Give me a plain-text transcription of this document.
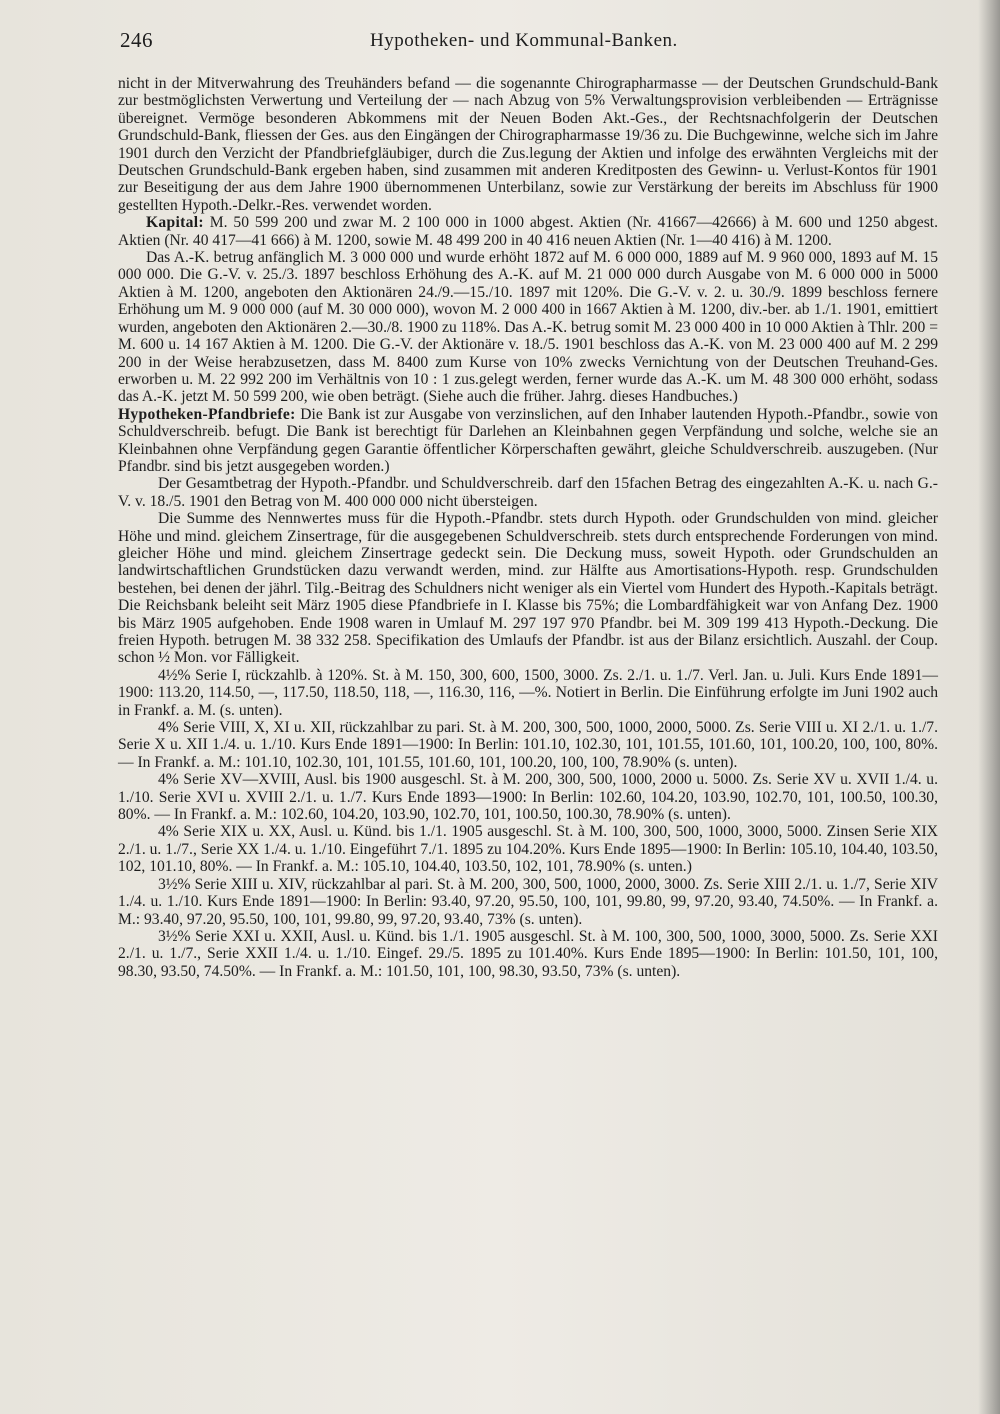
246	Hypotheken- und Kommunal-Banken.

nicht in der Mitverwahrung des Treuhänders befand — die sogenannte Chirographarmasse — der Deutschen Grundschuld-Bank zur bestmöglichsten Verwertung und Verteilung der — nach Abzug von 5% Verwaltungsprovision verbleibenden — Erträgnisse übereignet. Vermöge besonderen Abkommens mit der Neuen Boden Akt.-Ges., der Rechtsnachfolgerin der Deutschen Grundschuld-Bank, fliessen der Ges. aus den Eingängen der Chirographarmasse 19/36 zu. Die Buchgewinne, welche sich im Jahre 1901 durch den Verzicht der Pfandbriefgläubiger, durch die Zus.legung der Aktien und infolge des erwähnten Vergleichs mit der Deutschen Grundschuld-Bank ergeben haben, sind zusammen mit anderen Kreditposten des Gewinn- u. Verlust-Kontos für 1901 zur Beseitigung der aus dem Jahre 1900 übernommenen Unterbilanz, sowie zur Verstärkung der bereits im Abschluss für 1900 gestellten Hypoth.-Delkr.-Res. verwendet worden.

Kapital: M. 50 599 200 und zwar M. 2 100 000 in 1000 abgest. Aktien (Nr. 41667—42666) à M. 600 und 1250 abgest. Aktien (Nr. 40 417—41 666) à M. 1200, sowie M. 48 499 200 in 40 416 neuen Aktien (Nr. 1—40 416) à M. 1200.

Das A.-K. betrug anfänglich M. 3 000 000 und wurde erhöht 1872 auf M. 6 000 000, 1889 auf M. 9 960 000, 1893 auf M. 15 000 000. Die G.-V. v. 25./3. 1897 beschloss Erhöhung des A.-K. auf M. 21 000 000 durch Ausgabe von M. 6 000 000 in 5000 Aktien à M. 1200, angeboten den Aktionären 24./9.—15./10. 1897 mit 120%. Die G.-V. v. 2. u. 30./9. 1899 beschloss fernere Erhöhung um M. 9 000 000 (auf M. 30 000 000), wovon M. 2 000 400 in 1667 Aktien à M. 1200, div.-ber. ab 1./1. 1901, emittiert wurden, angeboten den Aktionären 2.—30./8. 1900 zu 118%. Das A.-K. betrug somit M. 23 000 400 in 10 000 Aktien à Thlr. 200 = M. 600 u. 14 167 Aktien à M. 1200. Die G.-V. der Aktionäre v. 18./5. 1901 beschloss das A.-K. von M. 23 000 400 auf M. 2 299 200 in der Weise herabzusetzen, dass M. 8400 zum Kurse von 10% zwecks Vernichtung von der Deutschen Treuhand-Ges. erworben u. M. 22 992 200 im Verhältnis von 10 : 1 zus.gelegt werden, ferner wurde das A.-K. um M. 48 300 000 erhöht, sodass das A.-K. jetzt M. 50 599 200, wie oben beträgt. (Siehe auch die früher. Jahrg. dieses Handbuches.)

Hypotheken-Pfandbriefe: Die Bank ist zur Ausgabe von verzinslichen, auf den Inhaber lautenden Hypoth.-Pfandbr., sowie von Schuldverschreib. befugt. Die Bank ist berechtigt für Darlehen an Kleinbahnen gegen Verpfändung und solche, welche sie an Kleinbahnen ohne Verpfändung gegen Garantie öffentlicher Körperschaften gewährt, gleiche Schuldverschreib. auszugeben. (Nur Pfandbr. sind bis jetzt ausgegeben worden.)

Der Gesamtbetrag der Hypoth.-Pfandbr. und Schuldverschreib. darf den 15fachen Betrag des eingezahlten A.-K. u. nach G.-V. v. 18./5. 1901 den Betrag von M. 400 000 000 nicht übersteigen.

Die Summe des Nennwertes muss für die Hypoth.-Pfandbr. stets durch Hypoth. oder Grundschulden von mind. gleicher Höhe und mind. gleichem Zinsertrage, für die ausgegebenen Schuldverschreib. stets durch entsprechende Forderungen von mind. gleicher Höhe und mind. gleichem Zinsertrage gedeckt sein. Die Deckung muss, soweit Hypoth. oder Grundschulden an landwirtschaftlichen Grundstücken dazu verwandt werden, mind. zur Hälfte aus Amortisations-Hypoth. resp. Grundschulden bestehen, bei denen der jährl. Tilg.-Beitrag des Schuldners nicht weniger als ein Viertel vom Hundert des Hypoth.-Kapitals beträgt. Die Reichsbank beleiht seit März 1905 diese Pfandbriefe in I. Klasse bis 75%; die Lombardfähigkeit war von Anfang Dez. 1900 bis März 1905 aufgehoben. Ende 1908 waren in Umlauf M. 297 197 970 Pfandbr. bei M. 309 199 413 Hypoth.-Deckung. Die freien Hypoth. betrugen M. 38 332 258. Specifikation des Umlaufs der Pfandbr. ist aus der Bilanz ersichtlich. Auszahl. der Coup. schon ½ Mon. vor Fälligkeit.

4½% Serie I, rückzahlb. à 120%. St. à M. 150, 300, 600, 1500, 3000. Zs. 2./1. u. 1./7. Verl. Jan. u. Juli. Kurs Ende 1891—1900: 113.20, 114.50, —, 117.50, 118.50, 118, —, 116.30, 116, —%. Notiert in Berlin. Die Einführung erfolgte im Juni 1902 auch in Frankf. a. M. (s. unten).

4% Serie VIII, X, XI u. XII, rückzahlbar zu pari. St. à M. 200, 300, 500, 1000, 2000, 5000. Zs. Serie VIII u. XI 2./1. u. 1./7. Serie X u. XII 1./4. u. 1./10. Kurs Ende 1891—1900: In Berlin: 101.10, 102.30, 101, 101.55, 101.60, 101, 100.20, 100, 100, 80%. — In Frankf. a. M.: 101.10, 102.30, 101, 101.55, 101.60, 101, 100.20, 100, 100, 78.90% (s. unten).

4% Serie XV—XVIII, Ausl. bis 1900 ausgeschl. St. à M. 200, 300, 500, 1000, 2000 u. 5000. Zs. Serie XV u. XVII 1./4. u. 1./10. Serie XVI u. XVIII 2./1. u. 1./7. Kurs Ende 1893—1900: In Berlin: 102.60, 104.20, 103.90, 102.70, 101, 100.50, 100.30, 80%. — In Frankf. a. M.: 102.60, 104.20, 103.90, 102.70, 101, 100.50, 100.30, 78.90% (s. unten).

4% Serie XIX u. XX, Ausl. u. Künd. bis 1./1. 1905 ausgeschl. St. à M. 100, 300, 500, 1000, 3000, 5000. Zinsen Serie XIX 2./1. u. 1./7., Serie XX 1./4. u. 1./10. Eingeführt 7./1. 1895 zu 104.20%. Kurs Ende 1895—1900: In Berlin: 105.10, 104.40, 103.50, 102, 101.10, 80%. — In Frankf. a. M.: 105.10, 104.40, 103.50, 102, 101, 78.90% (s. unten.)

3½% Serie XIII u. XIV, rückzahlbar al pari. St. à M. 200, 300, 500, 1000, 2000, 3000. Zs. Serie XIII 2./1. u. 1./7, Serie XIV 1./4. u. 1./10. Kurs Ende 1891—1900: In Berlin: 93.40, 97.20, 95.50, 100, 101, 99.80, 99, 97.20, 93.40, 74.50%. — In Frankf. a. M.: 93.40, 97.20, 95.50, 100, 101, 99.80, 99, 97.20, 93.40, 73% (s. unten).

3½% Serie XXI u. XXII, Ausl. u. Künd. bis 1./1. 1905 ausgeschl. St. à M. 100, 300, 500, 1000, 3000, 5000. Zs. Serie XXI 2./1. u. 1./7., Serie XXII 1./4. u. 1./10. Eingef. 29./5. 1895 zu 101.40%. Kurs Ende 1895—1900: In Berlin: 101.50, 101, 100, 98.30, 93.50, 74.50%. — In Frankf. a. M.: 101.50, 101, 100, 98.30, 93.50, 73% (s. unten).
